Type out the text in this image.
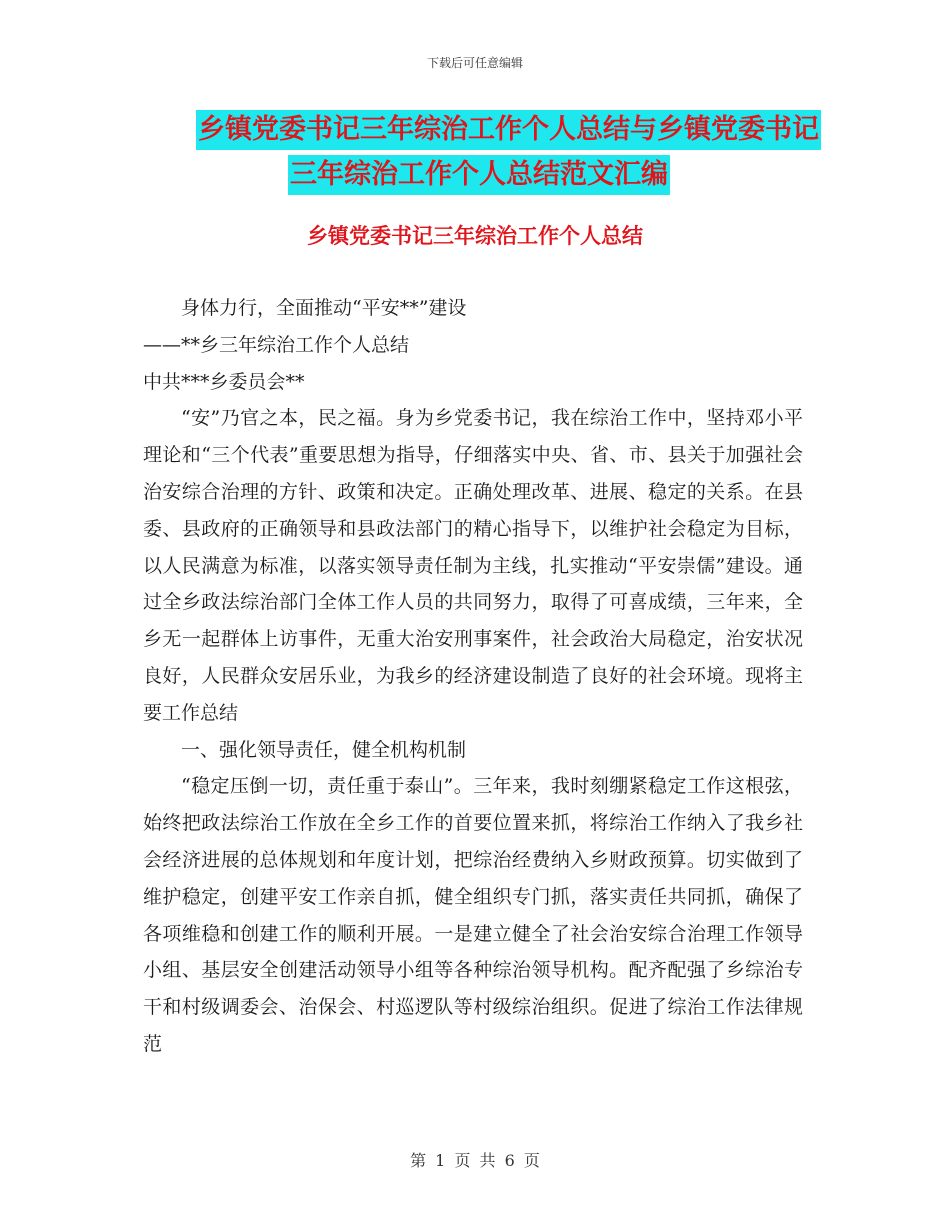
下载后可任意编辑
乡镇党委书记三年综治工作个人总结与乡镇党委书记
三年综治工作个人总结范文汇编
乡镇党委书记三年综治工作个人总结

身体力行，全面推动“平安**”建设

——**乡三年综治工作个人总结

中共***乡委员会**

“安”乃官之本，民之福。身为乡党委书记，我在综治工作中，坚持邓小平理论和“三个代表”重要思想为指导，仔细落实中央、省、市、县关于加强社会治安综合治理的方针、政策和决定。正确处理改革、进展、稳定的关系。在县委、县政府的正确领导和县政法部门的精心指导下，以维护社会稳定为目标，以人民满意为标准，以落实领导责任制为主线，扎实推动“平安崇儒”建设。通过全乡政法综治部门全体工作人员的共同努力，取得了可喜成绩，三年来，全乡无一起群体上访事件，无重大治安刑事案件，社会政治大局稳定，治安状况良好，人民群众安居乐业，为我乡的经济建设制造了良好的社会环境。现将主要工作总结

一、强化领导责任，健全机构机制

“稳定压倒一切，责任重于泰山”。三年来，我时刻绷紧稳定工作这根弦，始终把政法综治工作放在全乡工作的首要位置来抓，将综治工作纳入了我乡社会经济进展的总体规划和年度计划，把综治经费纳入乡财政预算。切实做到了维护稳定，创建平安工作亲自抓，健全组织专门抓，落实责任共同抓，确保了各项维稳和创建工作的顺利开展。一是建立健全了社会治安综合治理工作领导小组、基层安全创建活动领导小组等各种综治领导机构。配齐配强了乡综治专干和村级调委会、治保会、村巡逻队等村级综治组织。促进了综治工作法律规范

第 1 页 共 6 页
